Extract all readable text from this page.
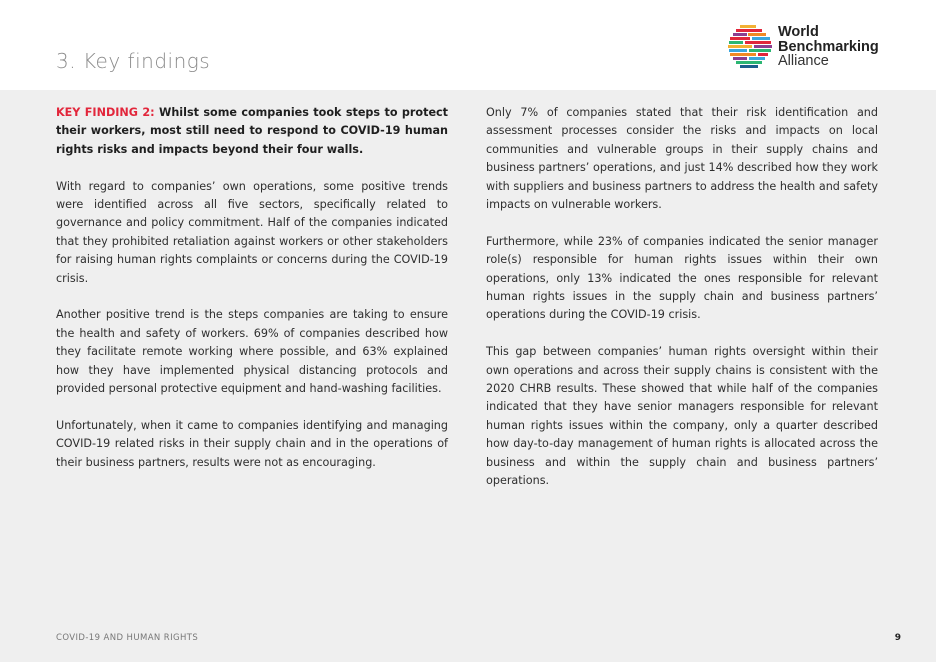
3. Key findings
World
Benchmarking
Alliance

KEY FINDING 2: Whilst some companies took steps to protect their workers, most still need to respond to COVID-19 human rights risks and impacts beyond their four walls.

With regard to companies’ own operations, some positive trends were identified across all five sectors, specifically related to governance and policy commitment. Half of the companies indicated that they prohibited retaliation against workers or other stakeholders for raising human rights complaints or concerns during the COVID-19 crisis.

Another positive trend is the steps companies are taking to ensure the health and safety of workers. 69% of companies described how they facilitate remote working where possible, and 63% explained how they have implemented physical distancing protocols and provided personal protective equipment and hand-washing facilities.

Unfortunately, when it came to companies identifying and managing COVID-19 related risks in their supply chain and in the operations of their business partners, results were not as encouraging.

Only 7% of companies stated that their risk identification and assessment processes consider the risks and impacts on local communities and vulnerable groups in their supply chains and business partners’ operations, and just 14% described how they work with suppliers and business partners to address the health and safety impacts on vulnerable workers.

Furthermore, while 23% of companies indicated the senior manager role(s) responsible for human rights issues within their own operations, only 13% indicated the ones responsible for relevant human rights issues in the supply chain and business partners’ operations during the COVID-19 crisis.

This gap between companies’ human rights oversight within their own operations and across their supply chains is consistent with the 2020 CHRB results. These showed that while half of the companies indicated that they have senior managers responsible for relevant human rights issues within the company, only a quarter described how day-to-day management of human rights is allocated across the business and within the supply chain and business partners’ operations.

COVID-19 AND HUMAN RIGHTS	9
